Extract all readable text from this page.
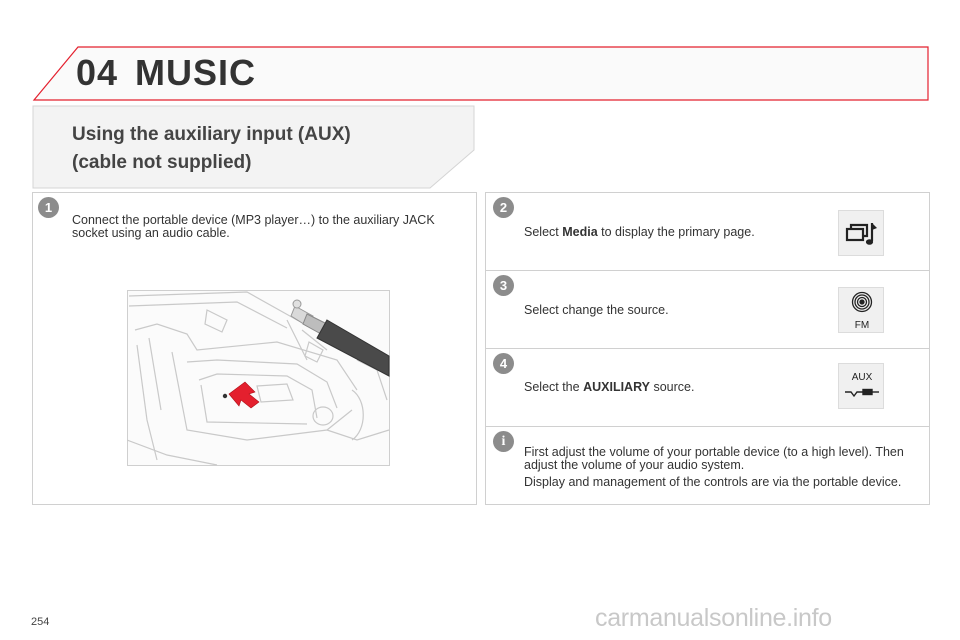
04 MUSIC
Using the auxiliary input (AUX)
(cable not supplied)
1
Connect the portable device (MP3 player…) to the auxiliary JACK
socket using an audio cable.
2
Select Media to display the primary page.
3
Select change the source.
FM
4
Select the AUXILIARY source.
AUX
i
First adjust the volume of your portable device (to a high level). Then
adjust the volume of your audio system.
Display and management of the controls are via the portable device.
254	carmanualsonline.info
